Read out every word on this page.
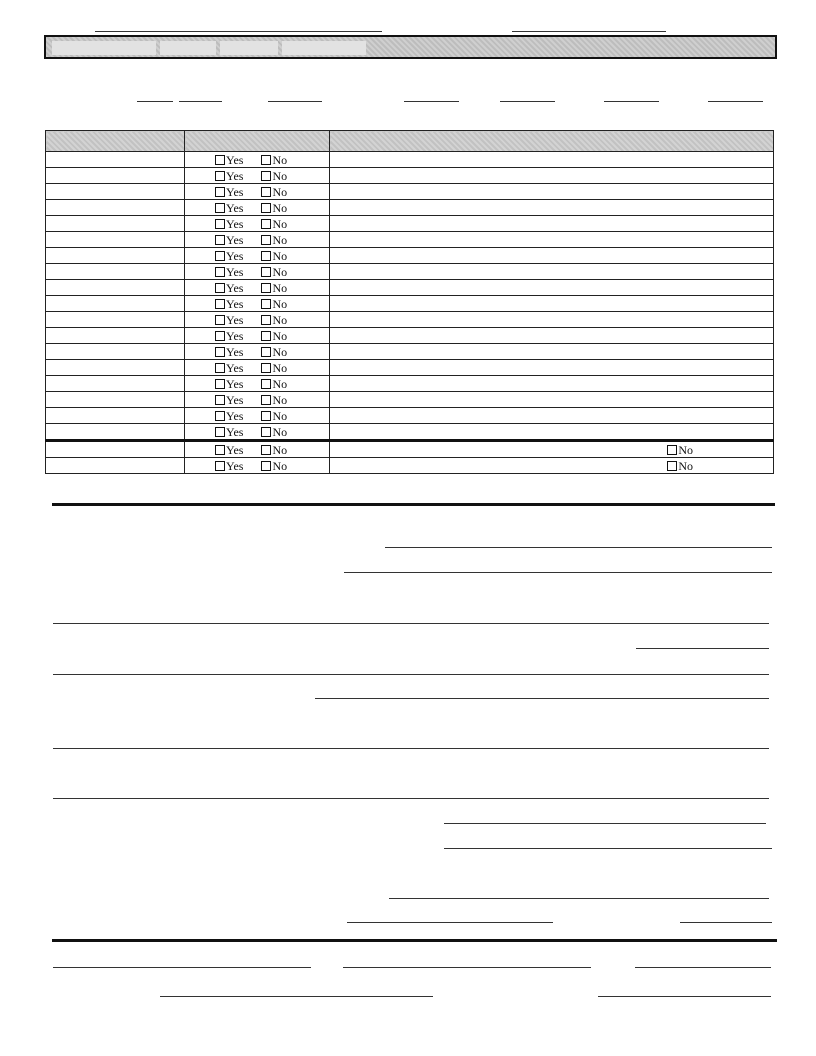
	Yes No	
	Yes No	
	Yes No	
	Yes No	
	Yes No	
	Yes No	
	Yes No	
	Yes No	
	Yes No	
	Yes No	
	Yes No	
	Yes No	
	Yes No	
	Yes No	
	Yes No	
	Yes No	
	Yes No	
	Yes No	
	Yes No	No
	Yes No	No
